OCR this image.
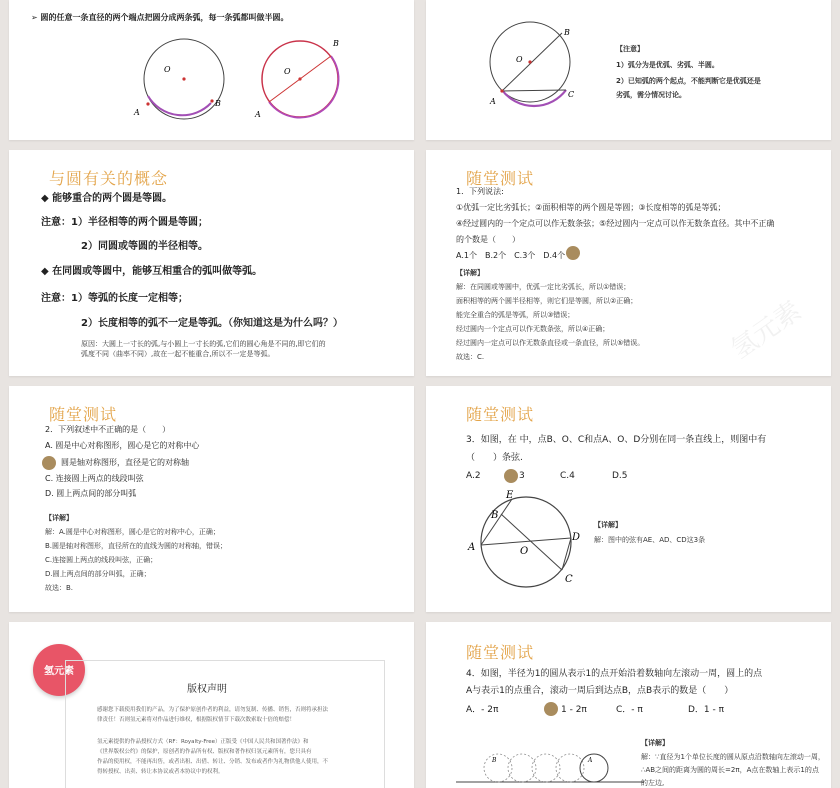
➢ 圆的任意一条直径的两个端点把圆分成两条弧，每一条弧都叫做半圆。
O
A
B
O
A
B
O
A
B
C
【注意】
1）弧分为是优弧、劣弧、半圆。
2）已知弧的两个起点，不能判断它是优弧还是
劣弧，需分情况讨论。
与圆有关的概念
◆ 能够重合的两个圆是等圆。
注意：1）半径相等的两个圆是等圆；
2）同圆或等圆的半径相等。
◆ 在同圆或等圆中，能够互相重合的弧叫做等弧。
注意：1）等弧的长度一定相等；
2）长度相等的弧不一定是等弧。（你知道这是为什么吗？）
原因：大圆上一寸长的弧,与小圆上一寸长的弧,它们的圆心角是不同的,即它们的
弧度不同（曲率不同）,故在一起不能重合,所以不一定是等弧。
随堂测试
1．下列说法:
①优弧一定比劣弧长；②面积相等的两个圆是等圆；③长度相等的弧是等弧；
④经过圆内的一个定点可以作无数条弦；⑤经过圆内一定点可以作无数条直径。其中不正确
的个数是（　　）
A.1个　B.2个　C.3个　D.4个
【详解】
解：在同圆或等圆中，优弧一定比劣弧长，所以①错误；
面积相等的两个圆半径相等，则它们是等圆，所以②正确；
能完全重合的弧是等弧，所以③错误；
经过圆内一个定点可以作无数条弦，所以④正确；
经过圆内一定点可以作无数条直径或一条直径，所以⑤错误。
故选：C.	氢元素
随堂测试
2．下列叙述中不正确的是（　　）
A. 圆是中心对称图形，圆心是它的对称中心
圆是轴对称图形，直径是它的对称轴
C. 连接圆上两点的线段叫弦
D. 圆上两点间的部分叫弧
【详解】
解：A.圆是中心对称图形，圆心是它的对称中心，正确；
B.圆是轴对称图形，直径所在的直线为圆的对称轴，错误；
C.连接圆上两点的线段叫弦，正确；
D.圆上两点间的部分叫弧，正确；
故选：B.
随堂测试
3．如图，在 中，点B、O、C和点A、O、D分别在同一条直线上，则图中有
（　　）条弦.
A.2	3	C.4	D.5
E
B
A	O
D
C
【详解】
解：图中的弦有AE、AD、CD这3条
氢元素
版权声明
感谢您下载使用我们的产品，为了保护原创作者的利益，请勿复制、传播、销售，否则将承担法
律责任！否则氢元素将对作品进行维权，根据版权情节下载次数索取十倍的赔偿！
氢元素提供的作品授权方式（RF：Royalty-Free）正版受《中国人民共和国著作法》和
《世界版权公约》的保护，原创者的作品所有权、版权和著作权归氢元素所有，您只具有
作品的使用权，不能再出售，或者出租、出借、转让、分销、发布或者作为礼物供他人使用，不
得转授权、出卖、转让本协议或者本协议中的权利。
随堂测试
4．如图，半径为1的圆从表示1的点开始沿着数轴向左滚动一周，圆上的点
A与表示1的点重合，滚动一周后到达点B，点B表示的数是（　　）
A．- 2π	1 - 2π	C．- π	D．1 - π
B	A
【详解】
解：∵直径为1个单位长度的圆从原点沿数轴向左滚动一周，
∴AB之间的距离为圆的周长=2π，A点在数轴上表示1的点
的左边,
